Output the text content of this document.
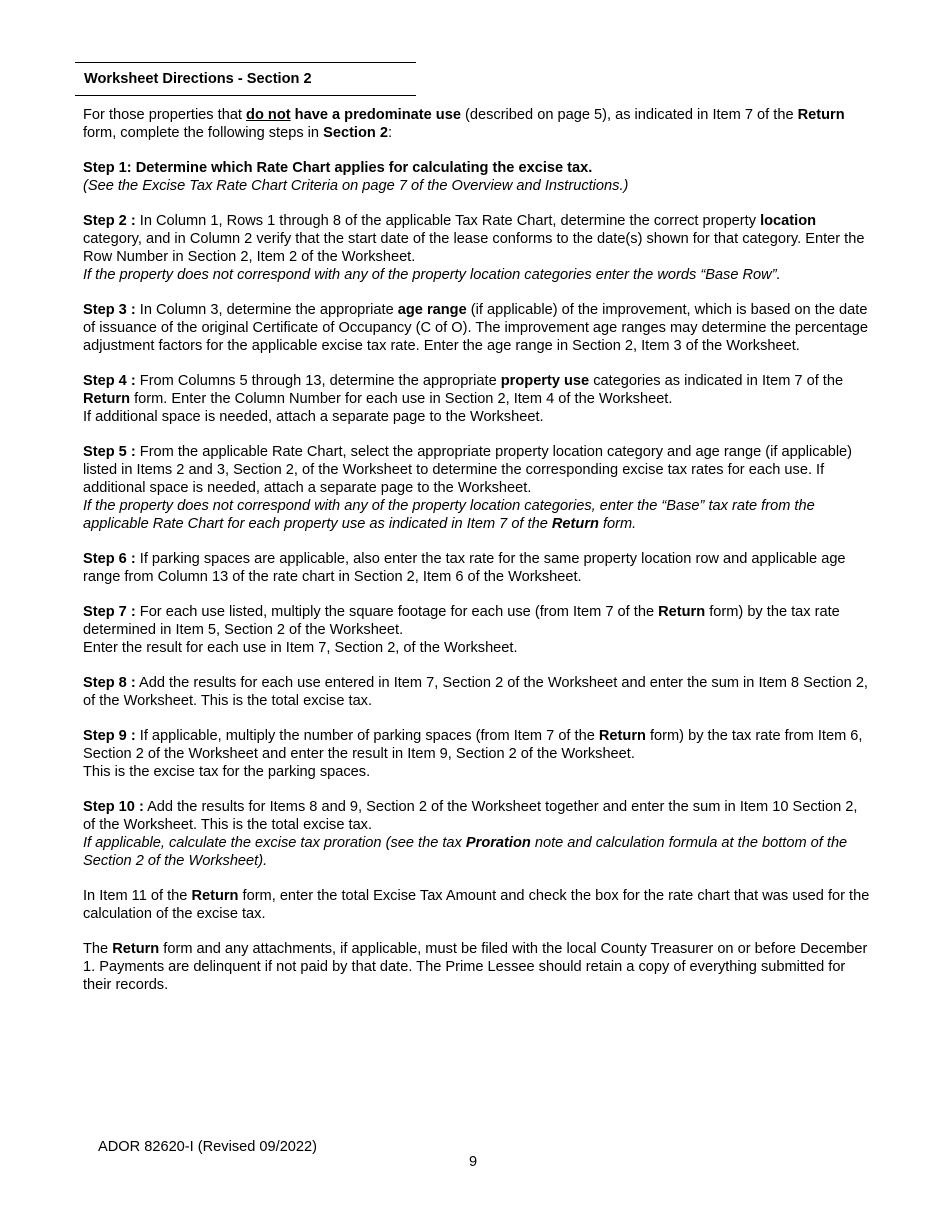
Worksheet Directions - Section 2

For those properties that do not have a predominate use (described on page 5), as indicated in Item 7 of the Return form, complete the following steps in Section 2:

Step 1: Determine which Rate Chart applies for calculating the excise tax.
(See the Excise Tax Rate Chart Criteria on page 7 of the Overview and Instructions.)

Step 2 : In Column 1, Rows 1 through 8 of the applicable Tax Rate Chart, determine the correct property location category, and in Column 2 verify that the start date of the lease conforms to the date(s) shown for that category. Enter the Row Number in Section 2, Item 2 of the Worksheet.
If the property does not correspond with any of the property location categories enter the words “Base Row”.

Step 3 : In Column 3, determine the appropriate age range (if applicable) of the improvement, which is based on the date of issuance of the original Certificate of Occupancy (C of O). The improvement age ranges may determine the percentage adjustment factors for the applicable excise tax rate. Enter the age range in Section 2, Item 3 of the Worksheet.

Step 4 : From Columns 5 through 13, determine the appropriate property use categories as indicated in Item 7 of the Return form. Enter the Column Number for each use in Section 2, Item 4 of the Worksheet.
If additional space is needed, attach a separate page to the Worksheet.

Step 5 : From the applicable Rate Chart, select the appropriate property location category and age range (if applicable) listed in Items 2 and 3, Section 2, of the Worksheet to determine the corresponding excise tax rates for each use. If additional space is needed, attach a separate page to the Worksheet.
If the property does not correspond with any of the property location categories, enter the “Base” tax rate from the applicable Rate Chart for each property use as indicated in Item 7 of the Return form.

Step 6 : If parking spaces are applicable, also enter the tax rate for the same property location row and applicable age range from Column 13 of the rate chart in Section 2, Item 6 of the Worksheet.

Step 7 : For each use listed, multiply the square footage for each use (from Item 7 of the Return form) by the tax rate determined in Item 5, Section 2 of the Worksheet.
Enter the result for each use in Item 7, Section 2, of the Worksheet.

Step 8 : Add the results for each use entered in Item 7, Section 2 of the Worksheet and enter the sum in Item 8 Section 2, of the Worksheet. This is the total excise tax.

Step 9 : If applicable, multiply the number of parking spaces (from Item 7 of the Return form) by the tax rate from Item 6, Section 2 of the Worksheet and enter the result in Item 9, Section 2 of the Worksheet.
This is the excise tax for the parking spaces.

Step 10 : Add the results for Items 8 and 9, Section 2 of the Worksheet together and enter the sum in Item 10 Section 2, of the Worksheet. This is the total excise tax.
If applicable, calculate the excise tax proration (see the tax Proration note and calculation formula at the bottom of the Section 2 of the Worksheet).

In Item 11 of the Return form, enter the total Excise Tax Amount and check the box for the rate chart that was used for the calculation of the excise tax.

The Return form and any attachments, if applicable, must be filed with the local County Treasurer on or before December 1. Payments are delinquent if not paid by that date. The Prime Lessee should retain a copy of everything submitted for their records.

ADOR 82620-I (Revised 09/2022)
9
